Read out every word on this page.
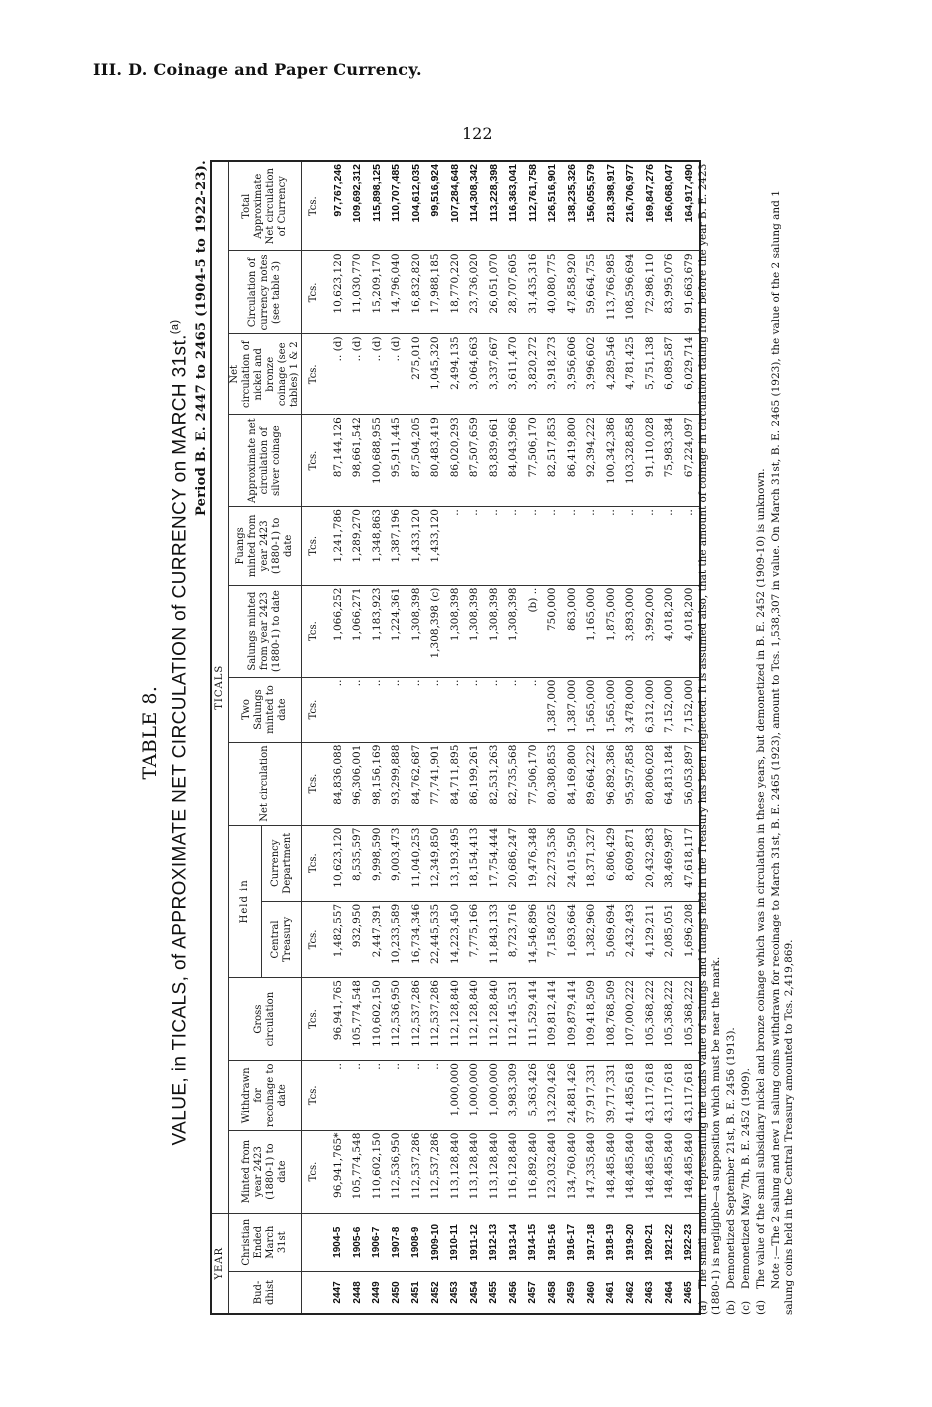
III. D. Coinage and Paper Currency.
122
TABLE 8. VALUE, in TICALS, of APPROXIMATE NET CIRCULATION of CURRENCY on MARCH 31st.$^{(a)}$	Period B. E. 2447 to 2465 (1904-5 to 1922-23).
YEAR		TICALS												
Bud-dhist	Christian Ended March 31st	Minted from year 2423 (1880-1) to date	Withdrawn for recoinage to date	Gross circulation	Held in		Net circulation	Two Salungs minted to date	Salungs minted from year 2423 (1880-1) to date	Fuangs minted from year 2423 (1880-1) to date	Approximate net circulation of silver coinage	Net circulation of nickel and bronze coinage (see tables) 1 & 2	Circulation of currency notes (see table 3)	Total Approximate Net circulation of Currency
					Central Treasury	Currency Department								
		Tcs.	Tcs.	Tcs.	Tcs.	Tcs.	Tcs.	Tcs.	Tcs.	Tcs.	Tcs.	Tcs.	Tcs.	Tcs.
2447	1904-5	96,941,765*	..	96,941,765	1,482,557	10,623,120	84,836,088	..	1,066,252	1,241,786	87,144,126	.. (d)	10,623,120	97,767,246
2448	1905-6	105,774,548	..	105,774,548	932,950	8,535,597	96,306,001	..	1,066,271	1,289,270	98,661,542	.. (d)	11,030,770	109,692,312
2449	1906-7	110,602,150	..	110,602,150	2,447,391	9,998,590	98,156,169	..	1,183,923	1,348,863	100,688,955	.. (d)	15,209,170	115,898,125
2450	1907-8	112,536,950	..	112,536,950	10,233,589	9,003,473	93,299,888	..	1,224,361	1,387,196	95,911,445	.. (d)	14,796,040	110,707,485
2451	1908-9	112,537,286	..	112,537,286	16,734,346	11,040,253	84,762,687	..	1,308,398	1,433,120	87,504,205	275,010	16,832,820	104,612,035
2452	1909-10	112,537,286	..	112,537,286	22,445,535	12,349,850	77,741,901	..	1,308,398 (c)	1,433,120	80,483,419	1,045,320	17,988,185	99,516,924
2453	1910-11	113,128,840	1,000,000	112,128,840	14,223,450	13,193,495	84,711,895	..	1,308,398	..	86,020,293	2,494,135	18,770,220	107,284,648
2454	1911-12	113,128,840	1,000,000	112,128,840	7,775,166	18,154,413	86,199,261	..	1,308,398	..	87,507,659	3,064,663	23,736,020	114,308,342
2455	1912-13	113,128,840	1,000,000	112,128,840	11,843,133	17,754,444	82,531,263	..	1,308,398	..	83,839,661	3,337,667	26,051,070	113,228,398
2456	1913-14	116,128,840	3,983,309	112,145,531	8,723,716	20,686,247	82,735,568	..	1,308,398	..	84,043,966	3,611,470	28,707,605	116,363,041
2457	1914-15	116,892,840	5,363,426	111,529,414	14,546,896	19,476,348	77,506,170	..	(b) ..	..	77,506,170	3,820,272	31,435,316	112,761,758
2458	1915-16	123,032,840	13,220,426	109,812,414	7,158,025	22,273,536	80,380,853	1,387,000	750,000	..	82,517,853	3,918,273	40,080,775	126,516,901
2459	1916-17	134,760,840	24,881,426	109,879,414	1,693,664	24,015,950	84,169,800	1,387,000	863,000	..	86,419,800	3,956,606	47,858,920	138,235,326
2460	1917-18	147,335,840	37,917,331	109,418,509	1,382,960	18,371,327	89,664,222	1,565,000	1,165,000	..	92,394,222	3,996,602	59,664,755	156,055,579
2461	1918-19	148,485,840	39,717,331	108,768,509	5,069,694	6,806,429	96,892,386	1,565,000	1,875,000	..	100,342,386	4,289,546	113,766,985	218,398,917
2462	1919-20	148,485,840	41,485,618	107,000,222	2,432,493	8,609,871	95,957,858	3,478,000	3,893,000	..	103,328,858	4,781,425	108,596,694	216,706,977
2463	1920-21	148,485,840	43,117,618	105,368,222	4,129,211	20,432,983	80,806,028	6,312,000	3,992,000	..	91,110,028	5,751,138	72,986,110	169,847,276
2464	1921-22	148,485,840	43,117,618	105,368,222	2,085,051	38,469,987	64,813,184	7,152,000	4,018,200	..	75,983,384	6,089,587	83,995,076	166,068,047
2465	1922-23	148,485,840	43,117,618	105,368,222	1,696,208	47,618,117	56,053,897	7,152,000	4,018,200	..	67,224,097	6,029,714	91,663,679	164,917,490
(a)The small amount representing the ticals value of salungs and fuangs held in the Treasury has been neglected. It is assumed also, that the amount of coinage in circulation dating from before the year B. E. 2423 (1880-1) is negligible—a supposition which must be near the mark. (b)Demonetized September 21st, B. E. 2456 (1913).
(c)Demonetized May 7th, B. E. 2452 (1909).
(d)The value of the small subsidiary nickel and bronze coinage which was in circulation in these years, but demonetized in B. E. 2452 (1909-10) is unknown. Note :—The 2 salung and new 1 salung coins withdrawn for recoinage to March 31st, B. E. 2465 (1923), amount to Tcs. 1,538,307 in value. On March 31st, B. E. 2465 (1923), the value of the 2 salung and 1 salung coins held in the Central Treasury amounted to Tcs. 2,419,869.
